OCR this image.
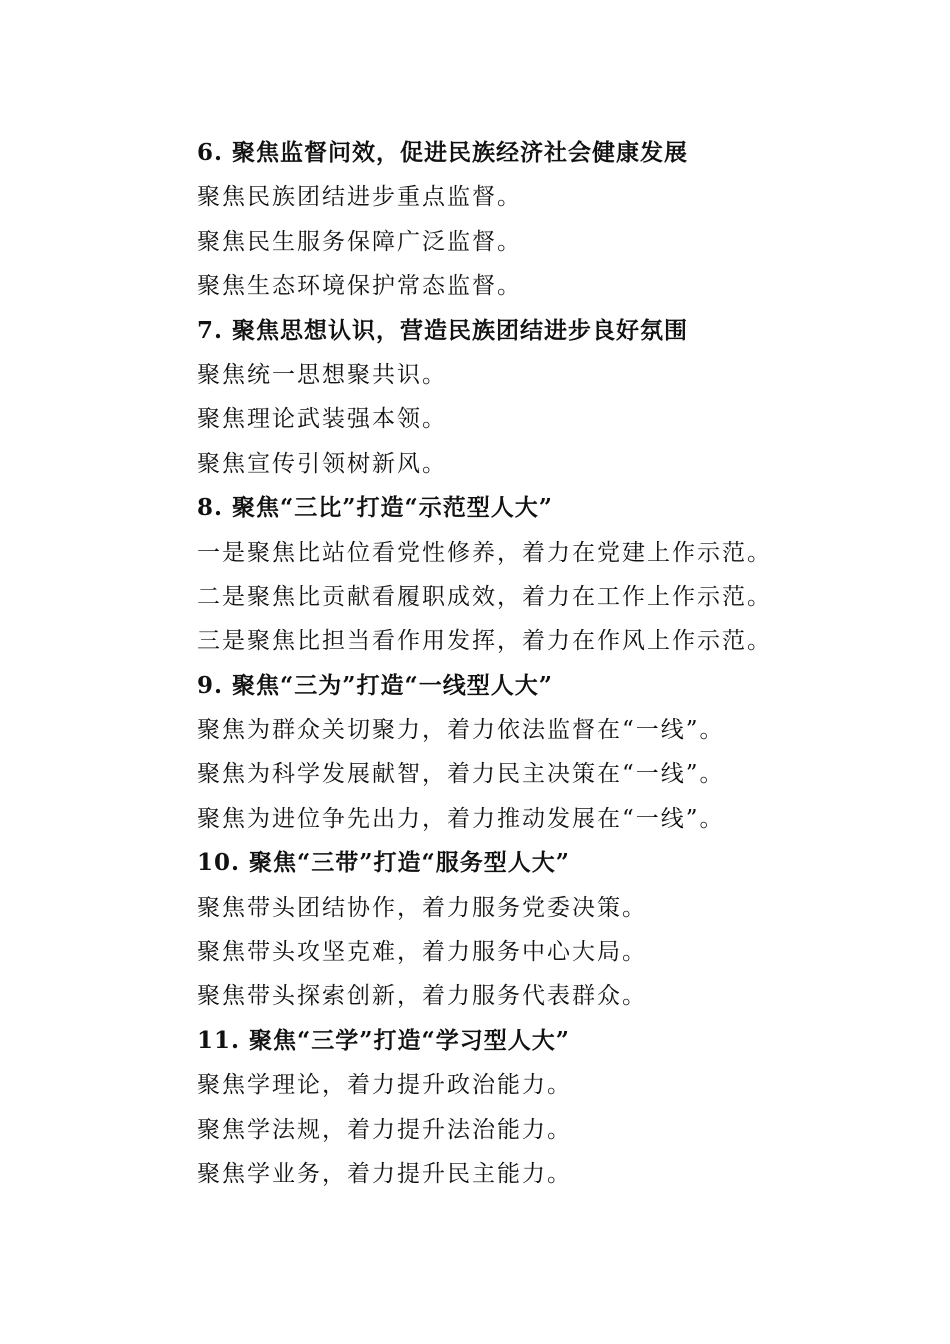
6. 聚焦监督问效，促进民族经济社会健康发展
聚焦民族团结进步重点监督。
聚焦民生服务保障广泛监督。
聚焦生态环境保护常态监督。
7. 聚焦思想认识，营造民族团结进步良好氛围
聚焦统一思想聚共识。
聚焦理论武装强本领。
聚焦宣传引领树新风。
8. 聚焦“三比”打造“示范型人大”
一是聚焦比站位看党性修养，着力在党建上作示范。
二是聚焦比贡献看履职成效，着力在工作上作示范。
三是聚焦比担当看作用发挥，着力在作风上作示范。
9. 聚焦“三为”打造“一线型人大”
聚焦为群众关切聚力，着力依法监督在“一线”。
聚焦为科学发展献智，着力民主决策在“一线”。
聚焦为进位争先出力，着力推动发展在“一线”。
10. 聚焦“三带”打造“服务型人大”
聚焦带头团结协作，着力服务党委决策。
聚焦带头攻坚克难，着力服务中心大局。
聚焦带头探索创新，着力服务代表群众。
11. 聚焦“三学”打造“学习型人大”
聚焦学理论，着力提升政治能力。
聚焦学法规，着力提升法治能力。
聚焦学业务，着力提升民主能力。
